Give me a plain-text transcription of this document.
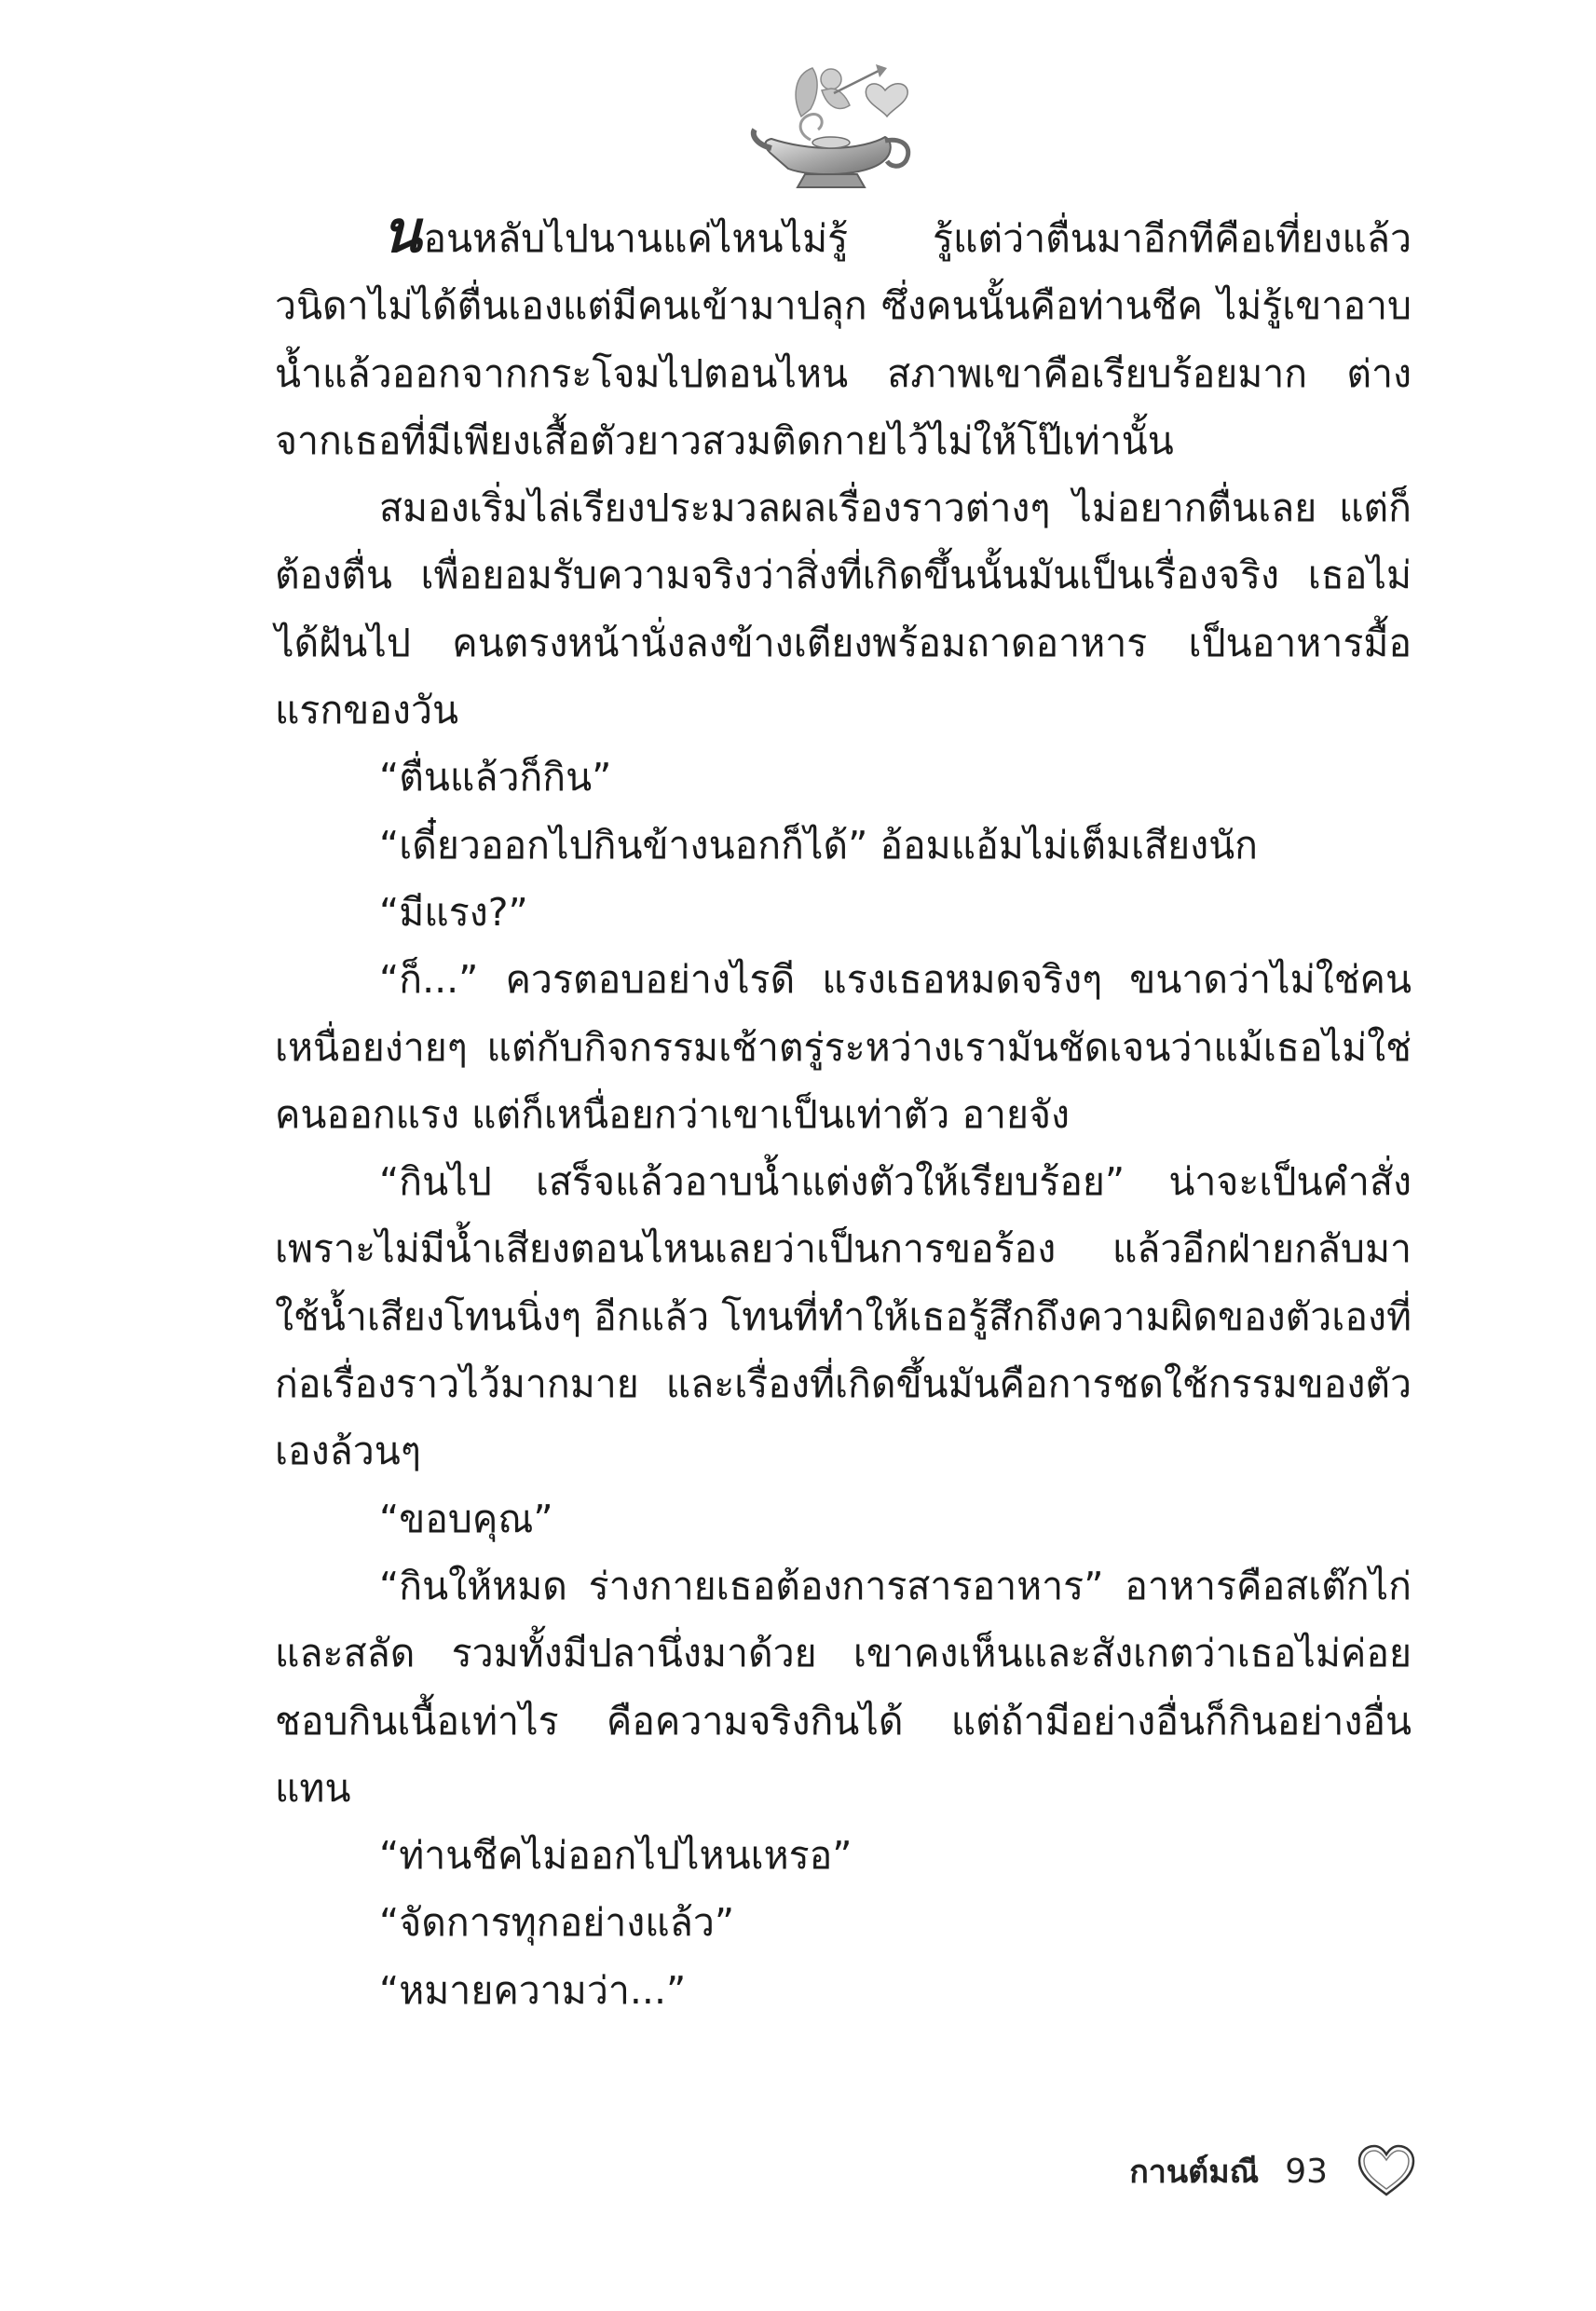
นอนหลับไปนานแค่ไหนไม่รู้ รู้แต่ว่าตื่นมาอีกทีคือเที่ยงแล้ว วนิดาไม่ได้ตื่นเองแต่มีคนเข้ามาปลุก ซึ่งคนนั้นคือท่านชีค ไม่รู้เขาอาบน้ำแล้วออกจากกระโจมไปตอนไหน สภาพเขาคือเรียบร้อยมาก ต่างจากเธอที่มีเพียงเสื้อตัวยาวสวมติดกายไว้ไม่ให้โป๊เท่านั้น

สมองเริ่มไล่เรียงประมวลผลเรื่องราวต่างๆ ไม่อยากตื่นเลย แต่ก็ต้องตื่น เพื่อยอมรับความจริงว่าสิ่งที่เกิดขึ้นนั้นมันเป็นเรื่องจริง เธอไม่ได้ฝันไป คนตรงหน้านั่งลงข้างเตียงพร้อมถาดอาหาร เป็นอาหารมื้อแรกของวัน

“ตื่นแล้วก็กิน”

“เดี๋ยวออกไปกินข้างนอกก็ได้” อ้อมแอ้มไม่เต็มเสียงนัก

“มีแรง?”

“ก็...” ควรตอบอย่างไรดี แรงเธอหมดจริงๆ ขนาดว่าไม่ใช่คนเหนื่อยง่ายๆ แต่กับกิจกรรมเช้าตรู่ระหว่างเรามันชัดเจนว่าแม้เธอไม่ใช่คนออกแรง แต่ก็เหนื่อยกว่าเขาเป็นเท่าตัว อายจัง

“กินไป เสร็จแล้วอาบน้ำแต่งตัวให้เรียบร้อย” น่าจะเป็นคำสั่ง เพราะไม่มีน้ำเสียงตอนไหนเลยว่าเป็นการขอร้อง แล้วอีกฝ่ายกลับมาใช้น้ำเสียงโทนนิ่งๆ อีกแล้ว โทนที่ทำให้เธอรู้สึกถึงความผิดของตัวเองที่ก่อเรื่องราวไว้มากมาย และเรื่องที่เกิดขึ้นมันคือการชดใช้กรรมของตัวเองล้วนๆ

“ขอบคุณ”

“กินให้หมด ร่างกายเธอต้องการสารอาหาร” อาหารคือสเต๊กไก่และสลัด รวมทั้งมีปลานึ่งมาด้วย เขาคงเห็นและสังเกตว่าเธอไม่ค่อยชอบกินเนื้อเท่าไร คือความจริงกินได้ แต่ถ้ามีอย่างอื่นก็กินอย่างอื่นแทน

“ท่านชีคไม่ออกไปไหนเหรอ”

“จัดการทุกอย่างแล้ว”

“หมายความว่า...”

กานต์มณี 93
